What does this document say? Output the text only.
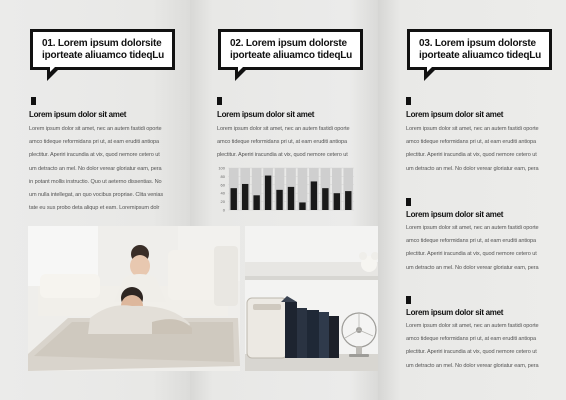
01. Lorem ipsum dolorsite
iporteate aliuamco tideqLu
Lorem ipsum dolor sit amet
Lorem ipsum dolor sit amet, nec an autem fastidi oporte
amco tideque reformidans pri ut, at eam eruditi antiopa
plectitur. Aperiri iracundia at vix, quod nemore cetero ut
um detracto an mel. No dolor verear gloriatur eam, pera
in potant mollis instructio. Quo ut aeterno dissentias. No
um nulla intellegat, an quo vocibus propriae. Clita venias
tate eu sus probo deta aliqup et eam. Loremipsum dolr
02. Lorem ipsum dolorste
iporteate aliuamco tideqLu
Lorem ipsum dolor sit amet
Lorem ipsum dolor sit amet, nec an autem fastidi oporte
amco tideque reformidans pri ut, at eam eruditi antiopa
plectitur. Aperiri iracundia at vix, quod nemore cetero ut
100
80
60
40
20
0
03. Lorem ipsum dolorste
iporteate aliuamco tideqLu
Lorem ipsum dolor sit amet
Lorem ipsum dolor sit amet, nec an autem fastidi oporte
amco tideque reformidans pri ut, at eam eruditi antiopa
plectitur. Aperiri iracundia at vix, quod nemore cetero ut
um detracto an mel. No dolor verear gloriatur eam, pera
Lorem ipsum dolor sit amet
Lorem ipsum dolor sit amet, nec an autem fastidi oporte
amco tideque reformidans pri ut, at eam eruditi antiopa
plectitur. Aperiri iracundia at vix, quod nemore cetero ut
um detracto an mel. No dolor verear gloriatur eam, pera
Lorem ipsum dolor sit amet
Lorem ipsum dolor sit amet, nec an autem fastidi oporte
amco tideque reformidans pri ut, at eam eruditi antiopa
plectitur. Aperiri iracundia at vix, quod nemore cetero ut
um detracto an mel. No dolor verear gloriatur eam, pera
